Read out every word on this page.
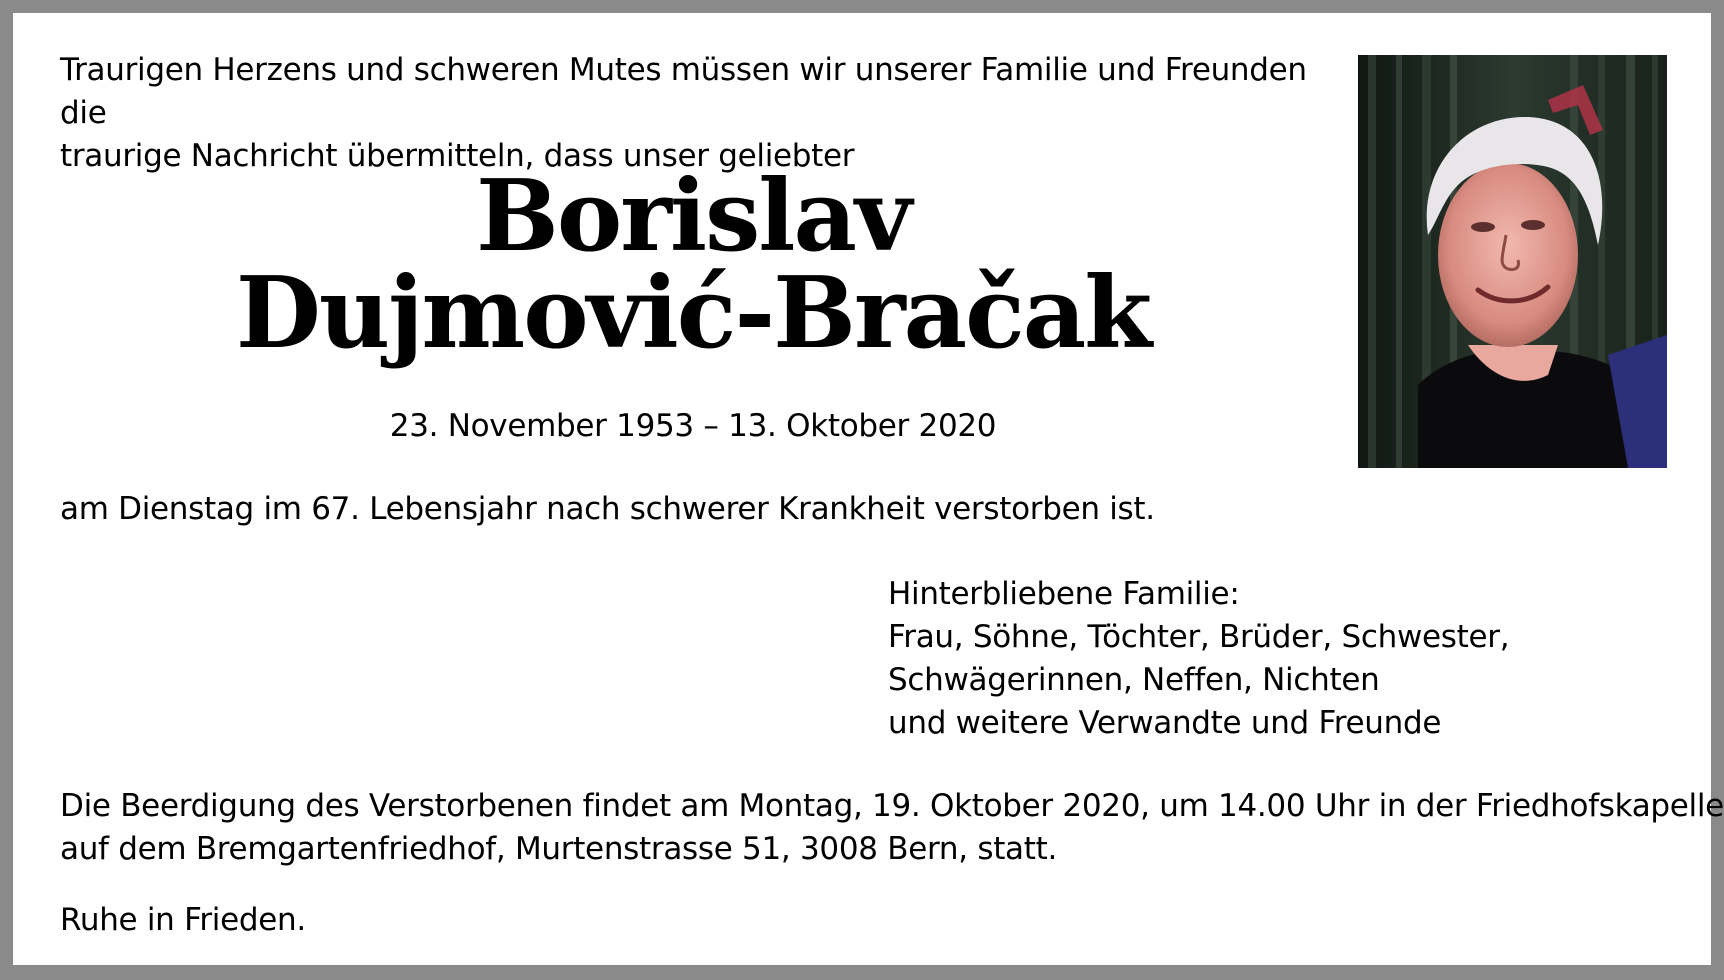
Traurigen Herzens und schweren Mutes müssen wir unserer Familie und Freunden die
traurige Nachricht übermitteln, dass unser geliebter

Borislav
Dujmović-Bračak
23. November 1953 – 13. Oktober 2020
am Dienstag im 67. Lebensjahr nach schwerer Krankheit verstorben ist.
Hinterbliebene Familie:
Frau, Söhne, Töchter, Brüder, Schwester,
Schwägerinnen, Neffen, Nichten
und weitere Verwandte und Freunde

Die Beerdigung des Verstorbenen findet am Montag, 19. Oktober 2020, um 14.00 Uhr in der Friedhofskapelle
auf dem Bremgartenfriedhof, Murtenstrasse 51, 3008 Bern, statt.

Ruhe in Frieden.
